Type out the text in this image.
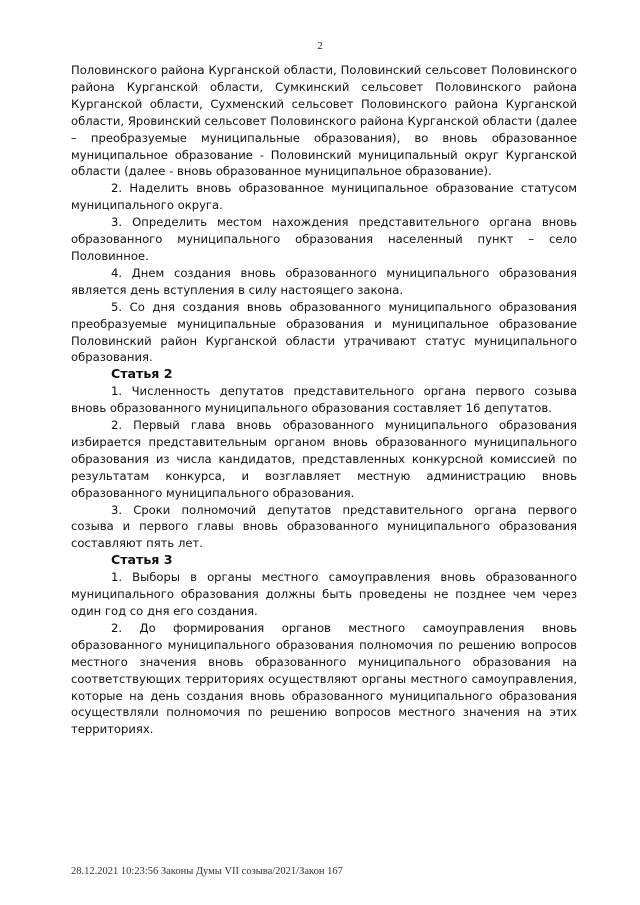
2

Половинского района Курганской области, Половинский сельсовет Половинского района Курганской области, Сумкинский сельсовет Половинского района Курганской области, Сухменский сельсовет Половинского района Курганской области, Яровинский сельсовет Половинского района Курганской области (далее – преобразуемые муниципальные образования), во вновь образованное муниципальное образование - Половинский муниципальный округ Курганской области (далее - вновь образованное муниципальное образование).

2. Наделить вновь образованное муниципальное образование статусом муниципального округа.

3. Определить местом нахождения представительного органа вновь образованного муниципального образования населенный пункт – село Половинное.

4. Днем создания вновь образованного муниципального образования является день вступления в силу настоящего закона.

5. Со дня создания вновь образованного муниципального образования преобразуемые муниципальные образования и муниципальное образование Половинский район Курганской области утрачивают статус муниципального образования.

Статья 2

1. Численность депутатов представительного органа первого созыва вновь образованного муниципального образования составляет 16 депутатов.

2. Первый глава вновь образованного муниципального образования избирается представительным органом вновь образованного муниципального образования из числа кандидатов, представленных конкурсной комиссией по результатам конкурса, и возглавляет местную администрацию вновь образованного муниципального образования.

3. Сроки полномочий депутатов представительного органа первого созыва и первого главы вновь образованного муниципального образования составляют пять лет.

Статья 3

1. Выборы в органы местного самоуправления вновь образованного муниципального образования должны быть проведены не позднее чем через один год со дня его создания.

2. До формирования органов местного самоуправления вновь образованного муниципального образования полномочия по решению вопросов местного значения вновь образованного муниципального образования на соответствующих территориях осуществляют органы местного самоуправления, которые на день создания вновь образованного муниципального образования осуществляли полномочия по решению вопросов местного значения на этих территориях.

28.12.2021 10:23:56 Законы Думы VII созыва/2021/Закон 167
